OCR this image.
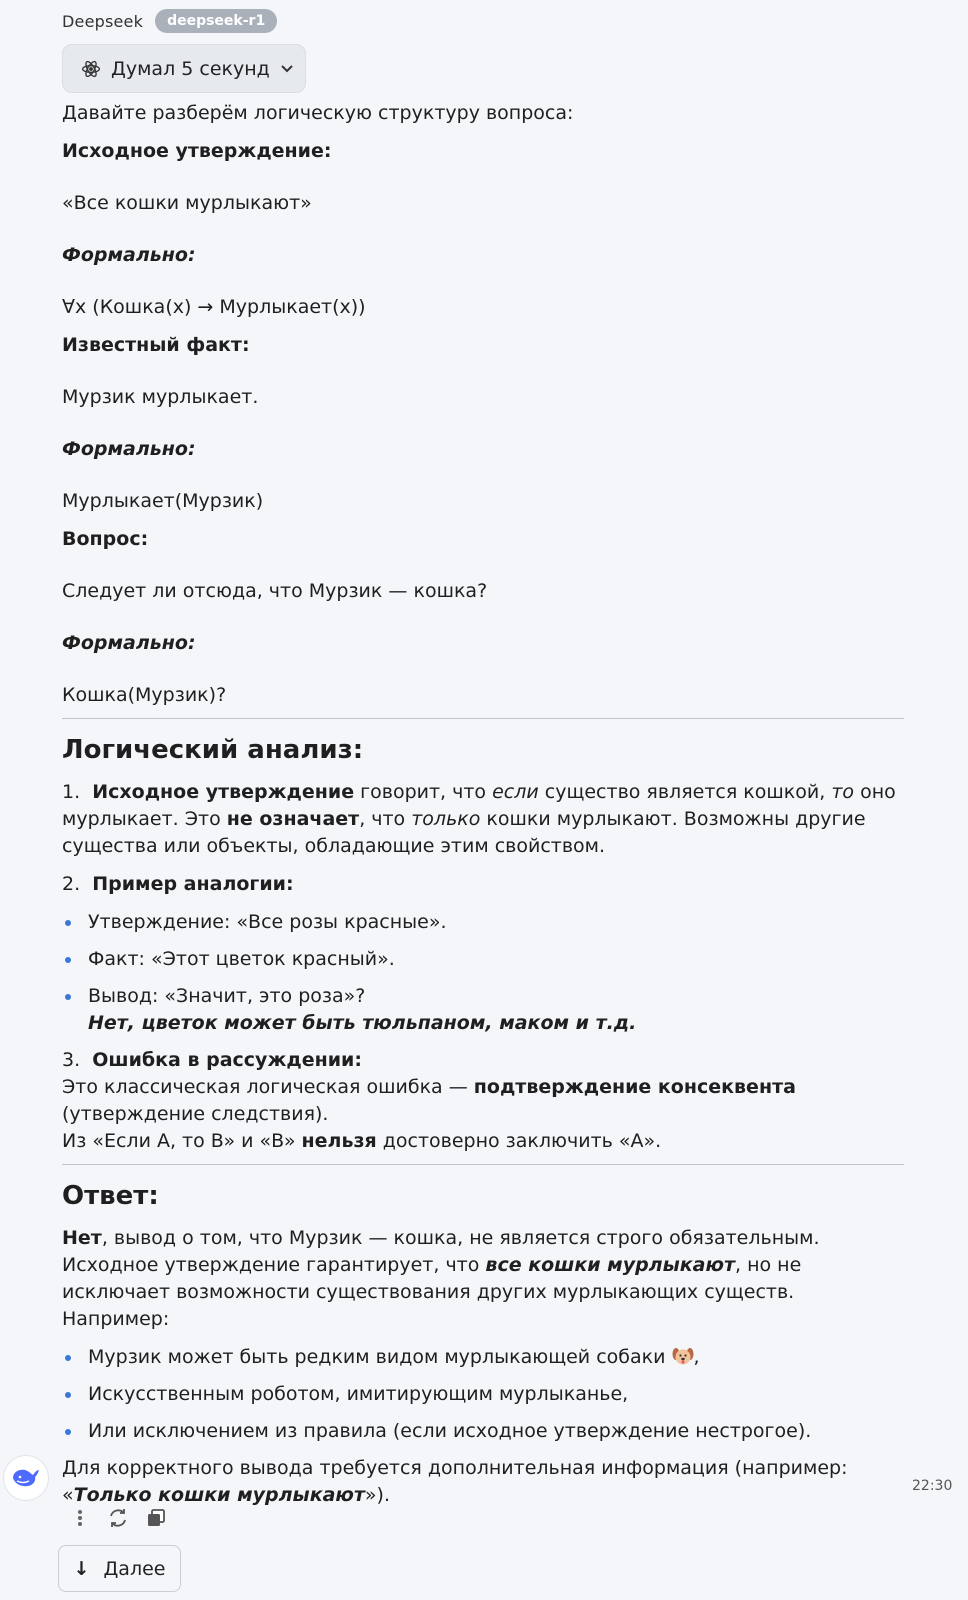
Deepseek	deepseek-r1
Думал 5 секунд

Давайте разберём логическую структуру вопроса:

Исходное утверждение:

«Все кошки мурлыкают»

Формально:

∀x (Кошка(x) → Мурлыкает(x))

Известный факт:

Мурзик мурлыкает.

Формально:

Мурлыкает(Мурзик)

Вопрос:

Следует ли отсюда, что Мурзик — кошка?

Формально:

Кошка(Мурзик)?

Логический анализ:

1. Исходное утверждение говорит, что если существо является кошкой, то оно мурлыкает. Это не означает, что только кошки мурлыкают. Возможны другие существа или объекты, обладающие этим свойством.

2. Пример аналогии:

Утверждение: «Все розы красные».
Факт: «Этот цветок красный».
Вывод: «Значит, это роза»?
Нет, цветок может быть тюльпаном, маком и т.д.

3. Ошибка в рассуждении:
Это классическая логическая ошибка — подтверждение консеквента (утверждение следствия).
Из «Если A, то B» и «B» нельзя достоверно заключить «A».

Ответ:

Нет, вывод о том, что Мурзик — кошка, не является строго обязательным. Исходное утверждение гарантирует, что все кошки мурлыкают, но не исключает возможности существования других мурлыкающих существ. Например:

Мурзик может быть редким видом мурлыкающей собаки ,
Искусственным роботом, имитирующим мурлыканье,
Или исключением из правила (если исходное утверждение нестрогое).

Для корректного вывода требуется дополнительная информация (например: «Только кошки мурлыкают»).	22:30
↓ Далее
